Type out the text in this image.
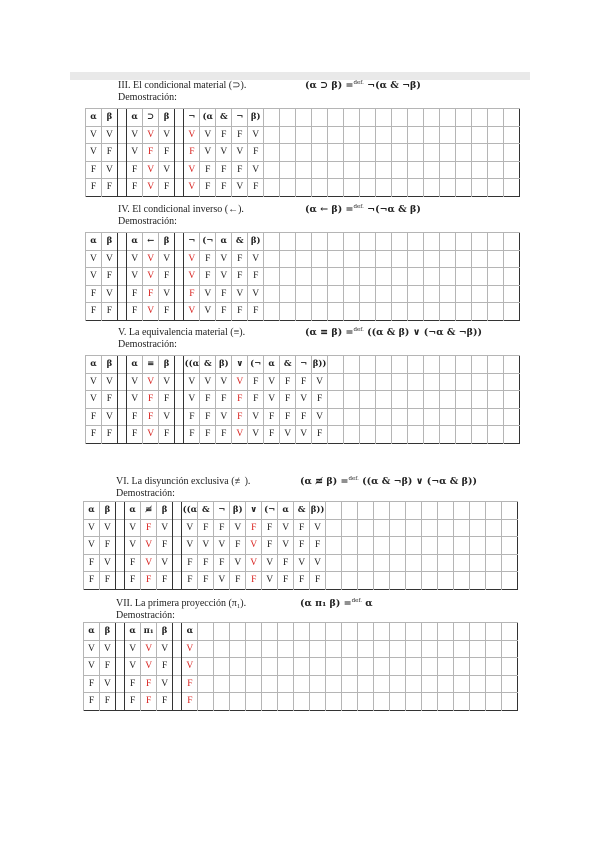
III. El condicional material (⊃).	(α ⊃ β) =$^{def.}$ ¬(α & ¬β)
Demostración:
α	β		α	⊃	β		¬	(α	&	¬	β)																
V	V		V	V	V		V	V	F	F	V																
V	F		V	F	F		F	V	V	V	F																
F	V		F	V	V		V	F	F	F	V																
F	F		F	V	F		V	F	F	V	F																
IV. El condicional inverso (←).	(α ← β) =$^{def.}$ ¬(¬α & β)
Demostración:
α	β		α	←	β		¬	(¬	α	&	β)																
V	V		V	V	V		V	F	V	F	V																
V	F		V	V	F		V	F	V	F	F																
F	V		F	F	V		F	V	F	V	V																
F	F		F	V	F		V	V	F	F	F																
V. La equivalencia material (≡).	(α ≡ β) =$^{def.}$ ((α & β) ∨ (¬α & ¬β))
Demostración:
α	β		α	≡	β		((α	&	β)	∨	(¬	α	&	¬	β))												
V	V		V	V	V		V	V	V	V	F	V	F	F	V												
V	F		V	F	F		V	F	F	F	F	V	F	V	F												
F	V		F	F	V		F	F	V	F	V	F	F	F	V												
F	F		F	V	F		F	F	F	V	V	F	V	V	F												
VI. La disyunción exclusiva (≢).	(α ≢ β) =$^{def.}$ ((α & ¬β) ∨ (¬α & β))
Demostración:
α	β		α	≢	β		((α	&	¬	β)	∨	(¬	α	&	β))												
V	V		V	F	V		V	F	F	V	F	F	V	F	V												
V	F		V	V	F		V	V	V	F	V	F	V	F	F												
F	V		F	V	V		F	F	F	V	V	V	F	V	V												
F	F		F	F	F		F	F	V	F	F	V	F	F	F												
VII. La primera proyección (π₁).	(α π₁ β) =$^{def.}$ α
Demostración:
α	β		α	π₁	β		α																				
V	V		V	V	V		V																				
V	F		V	V	F		V																				
F	V		F	F	V		F																				
F	F		F	F	F		F																				
